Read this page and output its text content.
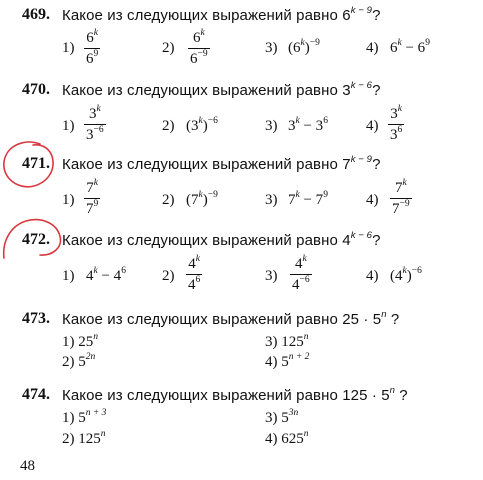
469. Какое из следующих выражений равно $6^{k - 9}$?
1)
6$^k$
$6^9$	2)
6$^k$
$6^{-9}$	3) $(6^k)^{-9}$	4) $6^k - 6^9$
470. Какое из следующих выражений равно $3^{k - 6}$?
1)
3$^k$
$3^{-6}$	2) $(3^k)^{-6}$	3) $3^k - 3^6$	4)
3$^k$
$3^6$
471. Какое из следующих выражений равно $7^{k - 9}$?
1)
7$^k$
$7^9$	2) $(7^k)^{-9}$	3) $7^k - 7^9$	4)
7$^k$
$7^{-9}$
472. Какое из следующих выражений равно $4^{k - 6}$?
1) $4^k - 4^6$ 2)
4$^k$
$4^6$	3)
4$^k$
$4^{-6}$	4) $(4^k)^{-6}$
473. Какое из следующих выражений равно $25 \cdot 5^n$ ?
1) 25$^n$
2) $5^{2n}$
3) 125$^n$
4) $5^{n + 2}$
474. Какое из следующих выражений равно $125 \cdot 5^n$ ?
1) $5^{n + 3}$
2) 125$^n$
3) $5^{3n}$
4) 625$^n$
48
